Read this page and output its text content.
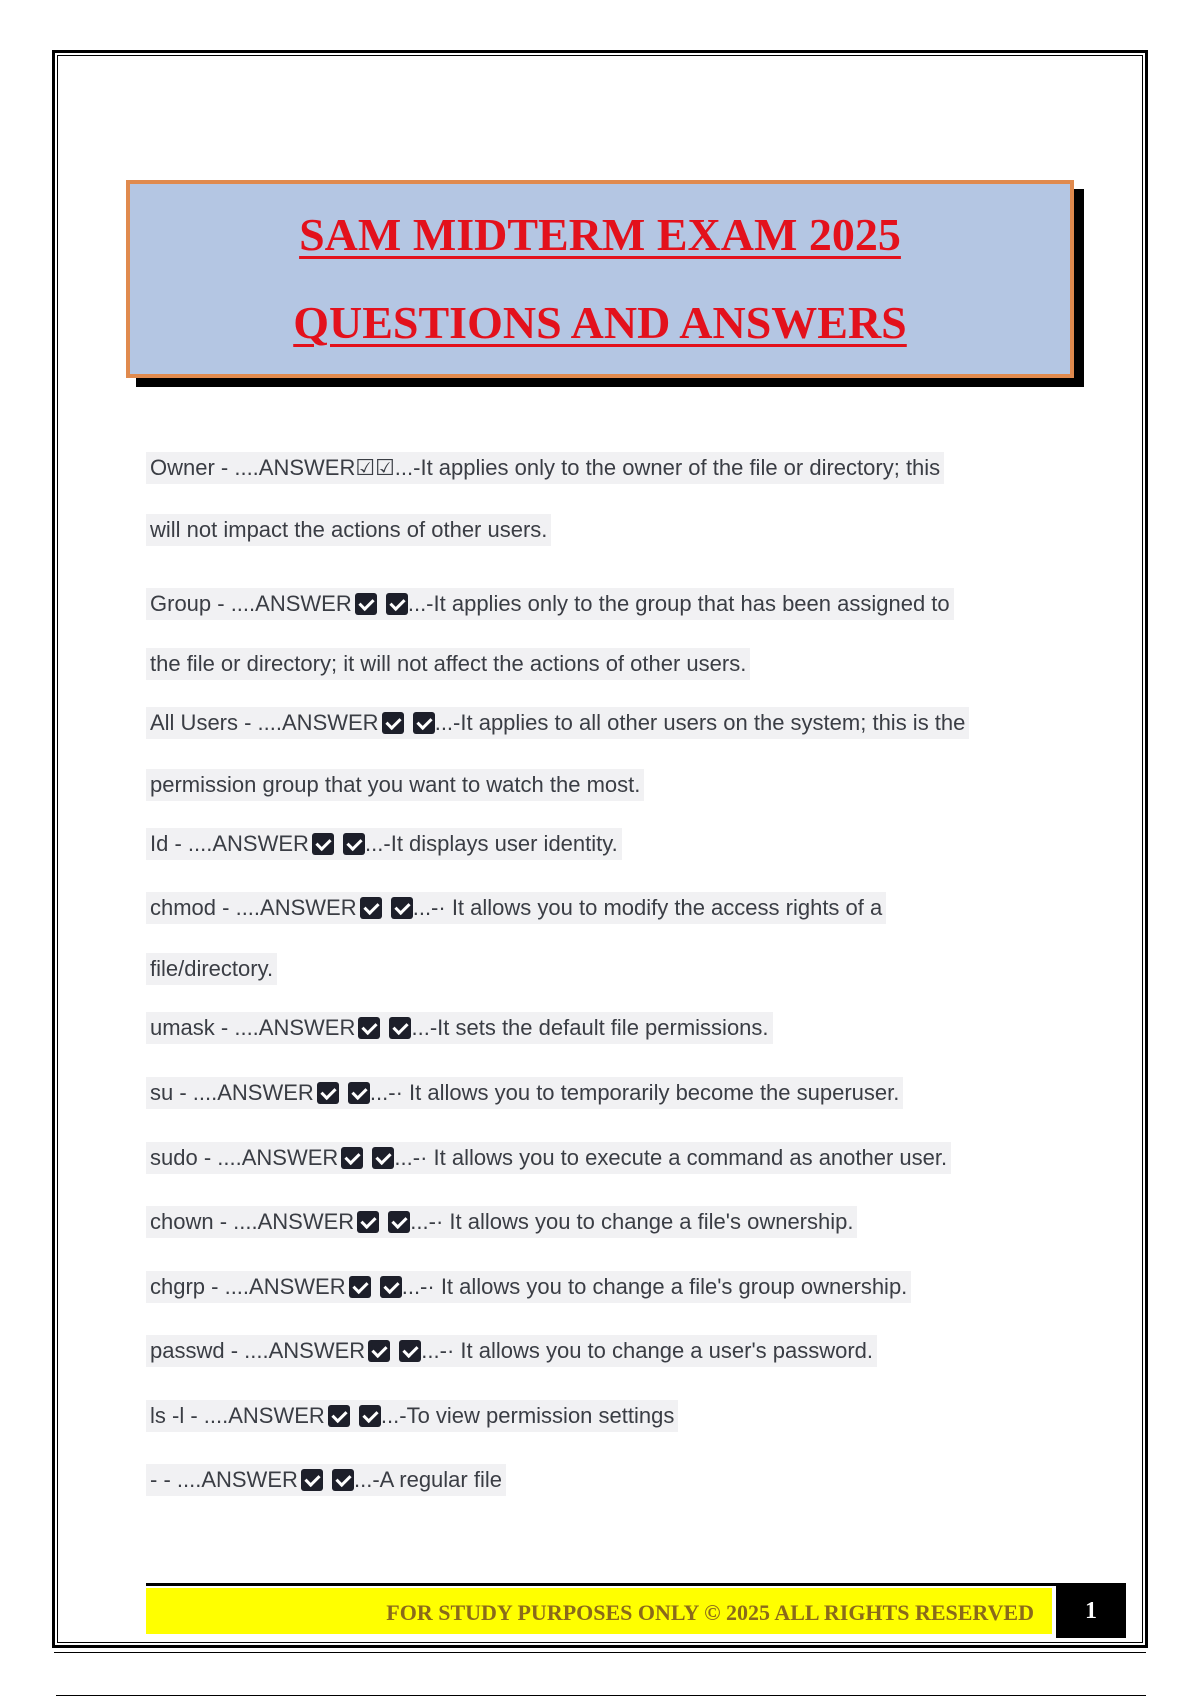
SAM MIDTERM EXAM 2025
QUESTIONS AND ANSWERS
Owner - ....ANSWER☑☑...-It applies only to the owner of the file or directory; this
will not impact the actions of other users.
Group - ....ANSWER	...-It applies only to the group that has been assigned to
the file or directory; it will not affect the actions of other users.
All Users - ....ANSWER	...-It applies to all other users on the system; this is the
permission group that you want to watch the most.
Id - ....ANSWER	...-It displays user identity.
chmod - ....ANSWER	...-· It allows you to modify the access rights of a
file/directory.
umask - ....ANSWER	...-It sets the default file permissions.
su - ....ANSWER	...-· It allows you to temporarily become the superuser.
sudo - ....ANSWER	...-· It allows you to execute a command as another user.
chown - ....ANSWER	...-· It allows you to change a file's ownership.
chgrp - ....ANSWER	...-· It allows you to change a file's group ownership.
passwd - ....ANSWER	...-· It allows you to change a user's password.
ls -l - ....ANSWER	...-To view permission settings
- - ....ANSWER	...-A regular file
FOR STUDY PURPOSES ONLY © 2025 ALL RIGHTS RESERVED	1
